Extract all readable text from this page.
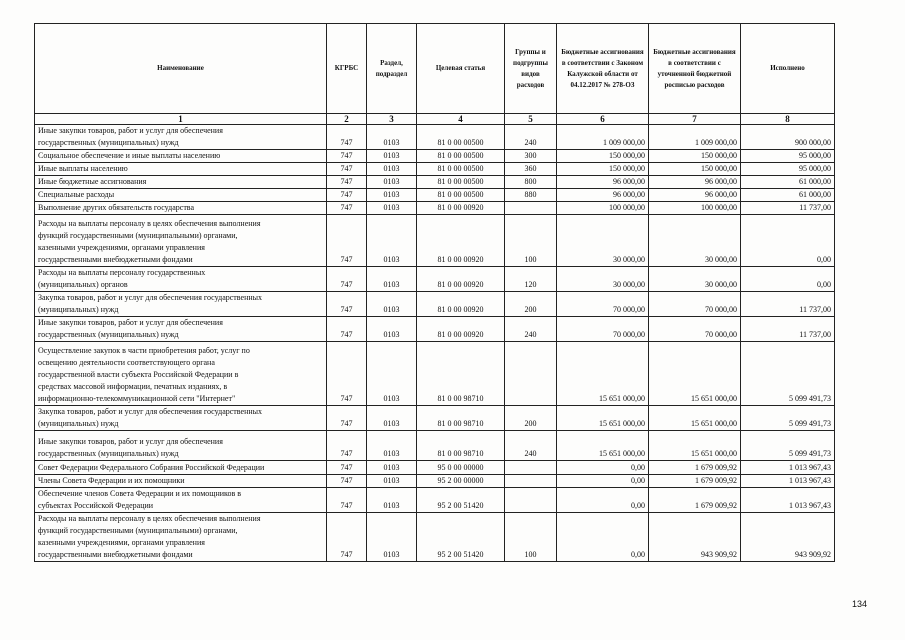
Наименование	КГРБС	Раздел, подраздел	Целевая статья	Группы и подгруппы видов расходов	Бюджетные ассигнования в соответствии с Законом Калужской области от 04.12.2017 № 278-ОЗ	Бюджетные ассигнования в соответствии с уточненной бюджетной росписью расходов	Исполнено
1	2	3	4	5	6	7	8
Иные закупки товаров, работ и услуг для обеспечения
государственных (муниципальных) нужд	747	0103	81 0 00 00500	240	1 009 000,00	1 009 000,00	900 000,00
Социальное обеспечение и иные выплаты населению	747	0103	81 0 00 00500	300	150 000,00	150 000,00	95 000,00
Иные выплаты населению	747	0103	81 0 00 00500	360	150 000,00	150 000,00	95 000,00
Иные бюджетные ассигнования	747	0103	81 0 00 00500	800	96 000,00	96 000,00	61 000,00
Специальные расходы	747	0103	81 0 00 00500	880	96 000,00	96 000,00	61 000,00
Выполнение других обязательств государства	747	0103	81 0 00 00920		100 000,00	100 000,00	11 737,00
Расходы на выплаты персоналу в целях обеспечения выполнения
функций государственными (муниципальными) органами,
казенными учреждениями, органами управления
государственными внебюджетными фондами	747	0103	81 0 00 00920	100	30 000,00	30 000,00	0,00
Расходы на выплаты персоналу государственных
(муниципальных) органов	747	0103	81 0 00 00920	120	30 000,00	30 000,00	0,00
Закупка товаров, работ и услуг для обеспечения государственных
(муниципальных) нужд	747	0103	81 0 00 00920	200	70 000,00	70 000,00	11 737,00
Иные закупки товаров, работ и услуг для обеспечения
государственных (муниципальных) нужд	747	0103	81 0 00 00920	240	70 000,00	70 000,00	11 737,00
Осуществление закупок в части приобретения работ, услуг по
освещению деятельности соответствующего органа
государственной власти субъекта Российской Федерации в
средствах массовой информации, печатных изданиях, в
информационно-телекоммуникационной сети "Интернет"	747	0103	81 0 00 98710		15 651 000,00	15 651 000,00	5 099 491,73
Закупка товаров, работ и услуг для обеспечения государственных
(муниципальных) нужд	747	0103	81 0 00 98710	200	15 651 000,00	15 651 000,00	5 099 491,73
Иные закупки товаров, работ и услуг для обеспечения
государственных (муниципальных) нужд	747	0103	81 0 00 98710	240	15 651 000,00	15 651 000,00	5 099 491,73
Совет Федерации Федерального Собрания Российской Федерации	747	0103	95 0 00 00000		0,00	1 679 009,92	1 013 967,43
Члены Совета Федерации и их помощники	747	0103	95 2 00 00000		0,00	1 679 009,92	1 013 967,43
Обеспечение членов Совета Федерации и их помощников в
субъектах Российской Федерации	747	0103	95 2 00 51420		0,00	1 679 009,92	1 013 967,43
Расходы на выплаты персоналу в целях обеспечения выполнения
функций государственными (муниципальными) органами,
казенными учреждениями, органами управления
государственными внебюджетными фондами	747	0103	95 2 00 51420	100	0,00	943 909,92	943 909,92
134
